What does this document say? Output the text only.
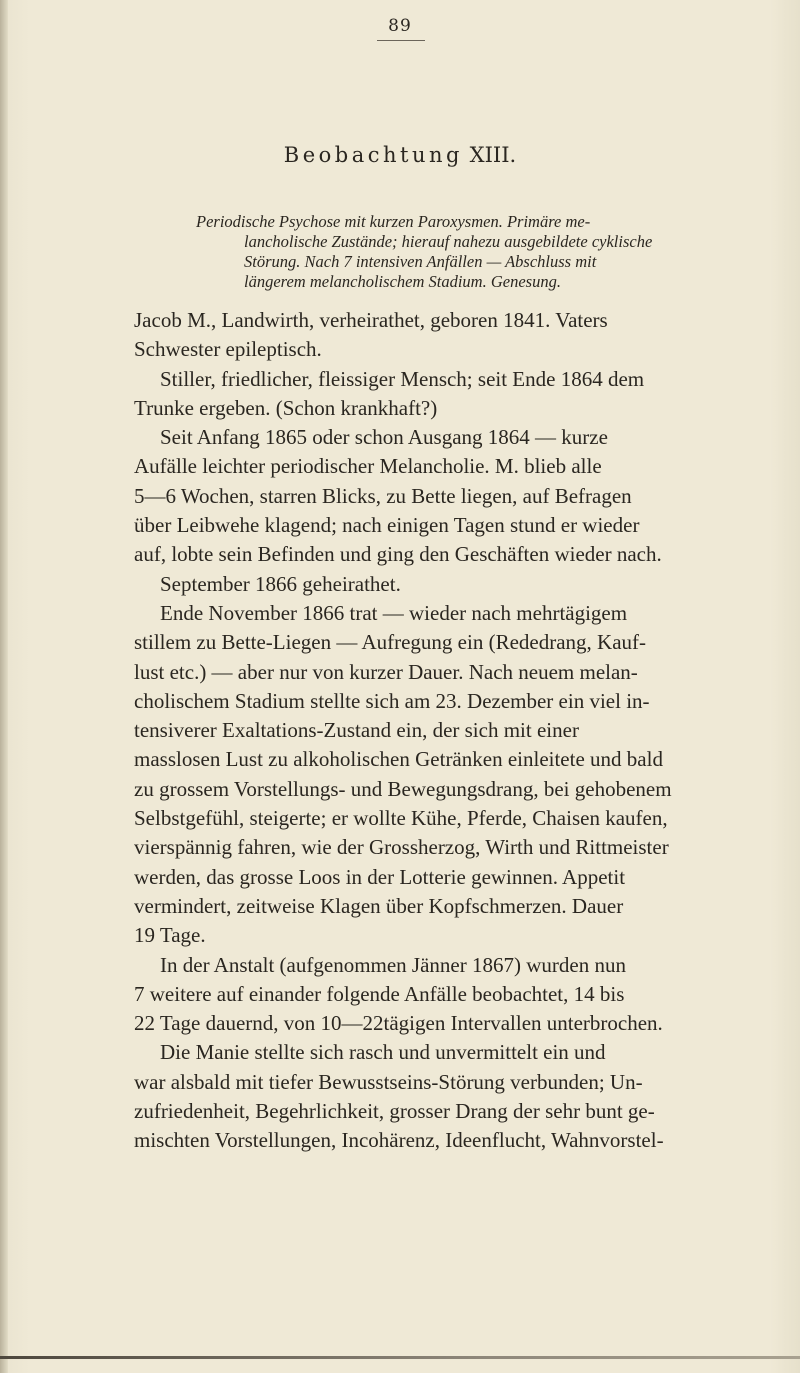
89
Beobachtung XIII.
Periodische Psychose mit kurzen Paroxysmen. Primäre me-
lancholische Zustände; hierauf nahezu ausgebildete cyklische
Störung. Nach 7 intensiven Anfällen — Abschluss mit
längerem melancholischem Stadium. Genesung.
Jacob M., Landwirth, verheirathet, geboren 1841. Vaters
Schwester epileptisch.
Stiller, friedlicher, fleissiger Mensch; seit Ende 1864 dem
Trunke ergeben. (Schon krankhaft?)
Seit Anfang 1865 oder schon Ausgang 1864 — kurze
Aufälle leichter periodischer Melancholie. M. blieb alle
5—6 Wochen, starren Blicks, zu Bette liegen, auf Befragen
über Leibwehe klagend; nach einigen Tagen stund er wieder
auf, lobte sein Befinden und ging den Geschäften wieder nach.
September 1866 geheirathet.
Ende November 1866 trat — wieder nach mehrtägigem
stillem zu Bette-Liegen — Aufregung ein (Rededrang, Kauf-
lust etc.) — aber nur von kurzer Dauer. Nach neuem melan-
cholischem Stadium stellte sich am 23. Dezember ein viel in-
tensiverer Exaltations-Zustand ein, der sich mit einer
masslosen Lust zu alkoholischen Getränken einleitete und bald
zu grossem Vorstellungs- und Bewegungsdrang, bei gehobenem
Selbstgefühl, steigerte; er wollte Kühe, Pferde, Chaisen kaufen,
vierspännig fahren, wie der Grossherzog, Wirth und Rittmeister
werden, das grosse Loos in der Lotterie gewinnen. Appetit
vermindert, zeitweise Klagen über Kopfschmerzen. Dauer
19 Tage.
In der Anstalt (aufgenommen Jänner 1867) wurden nun
7 weitere auf einander folgende Anfälle beobachtet, 14 bis
22 Tage dauernd, von 10—22tägigen Intervallen unterbrochen.
Die Manie stellte sich rasch und unvermittelt ein und
war alsbald mit tiefer Bewusstseins-Störung verbunden; Un-
zufriedenheit, Begehrlichkeit, grosser Drang der sehr bunt ge-
mischten Vorstellungen, Incohärenz, Ideenflucht, Wahnvorstel-
